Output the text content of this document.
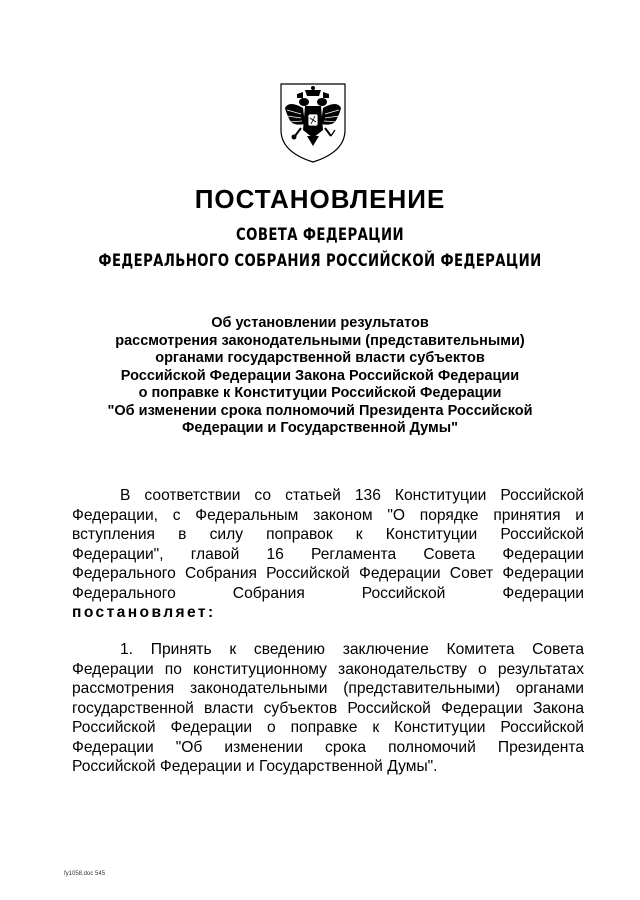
ПОСТАНОВЛЕНИЕ
СОВЕТА ФЕДЕРАЦИИ
ФЕДЕРАЛЬНОГО СОБРАНИЯ РОССИЙСКОЙ ФЕДЕРАЦИИ
Об установлении результатов
рассмотрения законодательными (представительными)
органами государственной власти субъектов
Российской Федерации Закона Российской Федерации
о поправке к Конституции Российской Федерации
"Об изменении срока полномочий Президента Российской
Федерации и Государственной Думы"
В соответствии со статьей 136 Конституции Российской
Федерации, с Федеральным законом "О порядке принятия и
вступления в силу поправок к Конституции Российской
Федерации", главой 16 Регламента Совета Федерации
Федерального Собрания Российской Федерации Совет Федерации
Федерального Собрания Российской Федерации
постановляет:
1. Принять к сведению заключение Комитета Совета
Федерации по конституционному законодательству о результатах
рассмотрения законодательными (представительными) органами
государственной власти субъектов Российской Федерации Закона
Российской Федерации о поправке к Конституции Российской
Федерации "Об изменении срока полномочий Президента
Российской Федерации и Государственной Думы".
fy1058.doc 545
